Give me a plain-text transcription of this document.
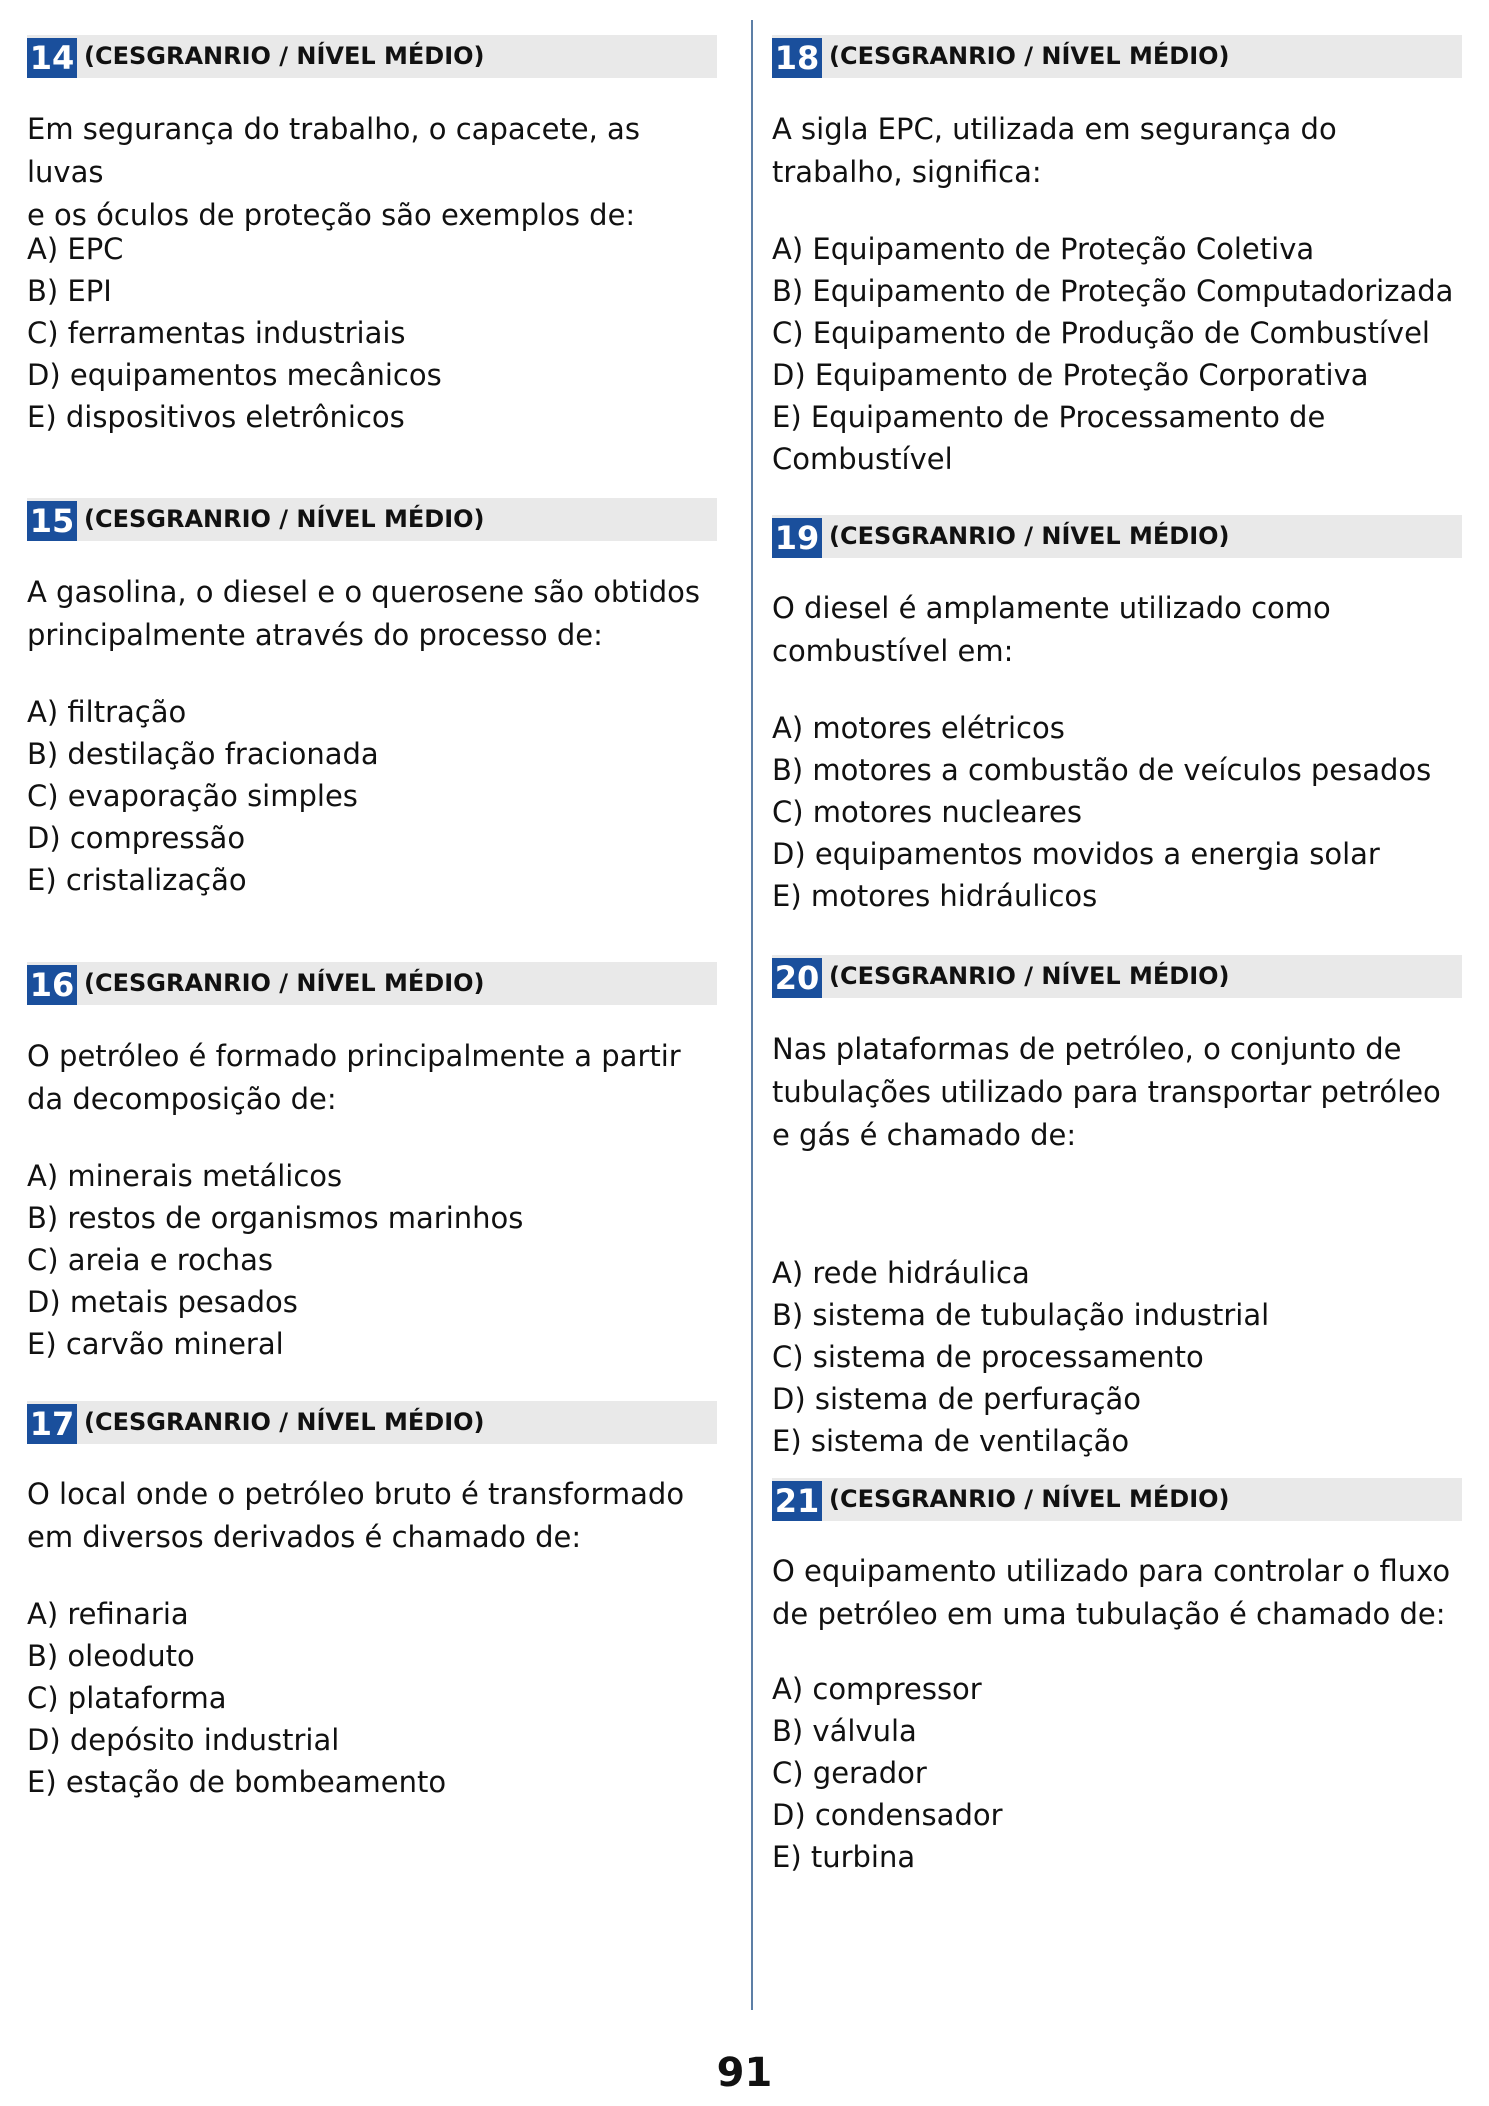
14 (CESGRANRIO / NÍVEL MÉDIO)
Em segurança do trabalho, o capacete, as luvas
e os óculos de proteção são exemplos de:
A) EPC
B) EPI
C) ferramentas industriais
D) equipamentos mecânicos
E) dispositivos eletrônicos
15 (CESGRANRIO / NÍVEL MÉDIO)
A gasolina, o diesel e o querosene são obtidos
principalmente através do processo de:
A) filtração
B) destilação fracionada
C) evaporação simples
D) compressão
E) cristalização
16 (CESGRANRIO / NÍVEL MÉDIO)
O petróleo é formado principalmente a partir
da decomposição de:
A) minerais metálicos
B) restos de organismos marinhos
C) areia e rochas
D) metais pesados
E) carvão mineral
17 (CESGRANRIO / NÍVEL MÉDIO)
O local onde o petróleo bruto é transformado
em diversos derivados é chamado de:
A) refinaria
B) oleoduto
C) plataforma
D) depósito industrial
E) estação de bombeamento
18 (CESGRANRIO / NÍVEL MÉDIO)
A sigla EPC, utilizada em segurança do
trabalho, significa:
A) Equipamento de Proteção Coletiva
B) Equipamento de Proteção Computadorizada
C) Equipamento de Produção de Combustível
D) Equipamento de Proteção Corporativa
E) Equipamento de Processamento de
Combustível
19 (CESGRANRIO / NÍVEL MÉDIO)
O diesel é amplamente utilizado como
combustível em:
A) motores elétricos
B) motores a combustão de veículos pesados
C) motores nucleares
D) equipamentos movidos a energia solar
E) motores hidráulicos
20 (CESGRANRIO / NÍVEL MÉDIO)
Nas plataformas de petróleo, o conjunto de
tubulações utilizado para transportar petróleo
e gás é chamado de:
A) rede hidráulica
B) sistema de tubulação industrial
C) sistema de processamento
D) sistema de perfuração
E) sistema de ventilação
21 (CESGRANRIO / NÍVEL MÉDIO)
O equipamento utilizado para controlar o fluxo
de petróleo em uma tubulação é chamado de:
A) compressor
B) válvula
C) gerador
D) condensador
E) turbina
91
